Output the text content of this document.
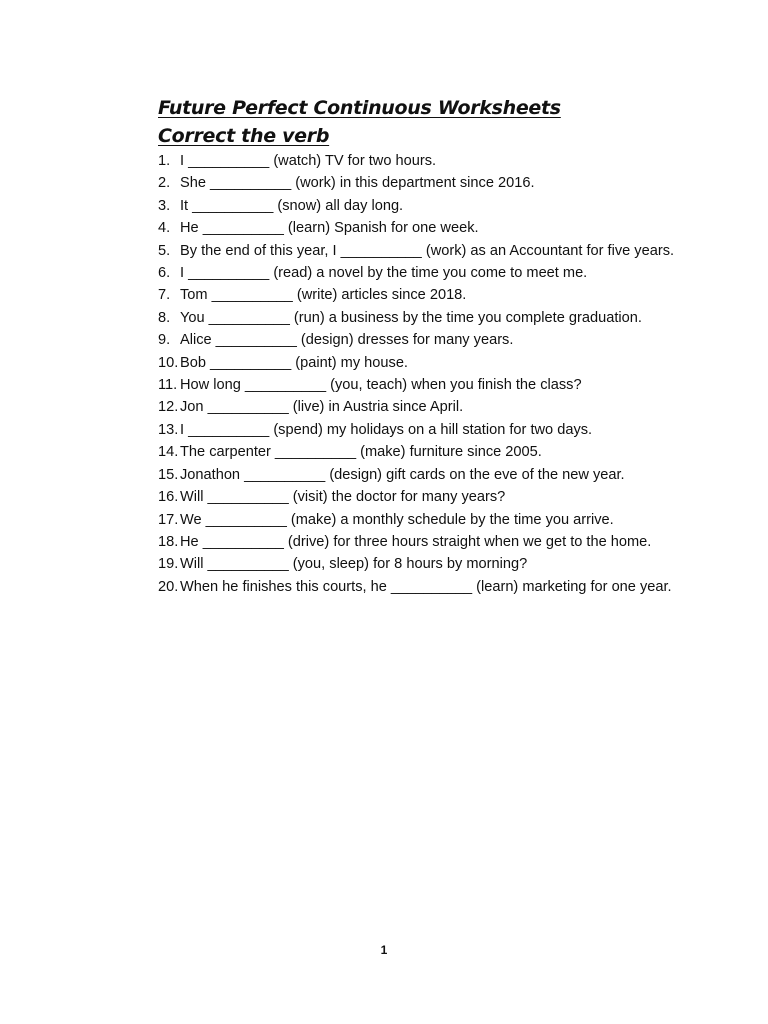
Future Perfect Continuous Worksheets
Correct the verb
1. I __________ (watch) TV for two hours.
2. She __________ (work) in this department since 2016.
3. It __________ (snow) all day long.
4. He __________ (learn) Spanish for one week.
5. By the end of this year, I __________ (work) as an Accountant for five years.
6. I __________ (read) a novel by the time you come to meet me.
7. Tom __________ (write) articles since 2018.
8. You __________ (run) a business by the time you complete graduation.
9. Alice __________ (design) dresses for many years.
10. Bob __________ (paint) my house.
11. How long __________ (you, teach) when you finish the class?
12. Jon __________ (live) in Austria since April.
13. I __________ (spend) my holidays on a hill station for two days.
14. The carpenter __________ (make) furniture since 2005.
15. Jonathon __________ (design) gift cards on the eve of the new year.
16. Will __________ (visit) the doctor for many years?
17. We __________ (make) a monthly schedule by the time you arrive.
18. He __________ (drive) for three hours straight when we get to the home.
19. Will __________ (you, sleep) for 8 hours by morning?
20. When he finishes this courts, he __________ (learn) marketing for one year.
1
